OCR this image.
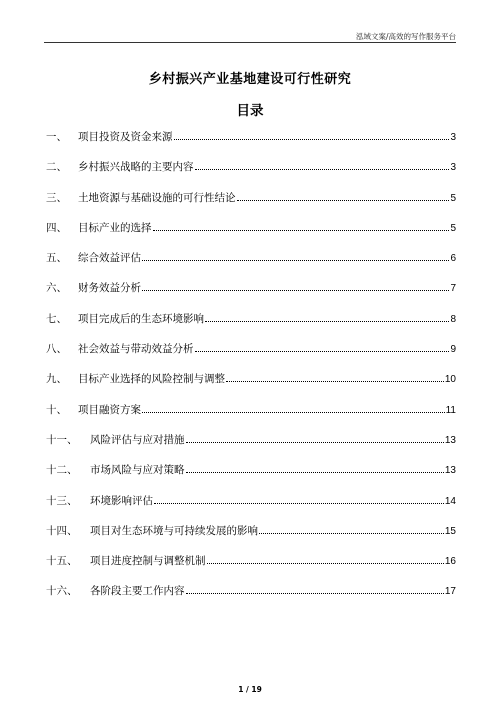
泓域文案/高效的写作服务平台
乡村振兴产业基地建设可行性研究
目录
一、	项目投资及资金来源	3
二、	乡村振兴战略的主要内容	3
三、	土地资源与基础设施的可行性结论	5
四、	目标产业的选择	5
五、	综合效益评估	6
六、	财务效益分析	7
七、	项目完成后的生态环境影响	8
八、	社会效益与带动效益分析	9
九、	目标产业选择的风险控制与调整	10
十、	项目融资方案	11
十一、	风险评估与应对措施	13
十二、	市场风险与应对策略	13
十三、	环境影响评估	14
十四、	项目对生态环境与可持续发展的影响	15
十五、	项目进度控制与调整机制	16
十六、	各阶段主要工作内容	17
1 / 19
